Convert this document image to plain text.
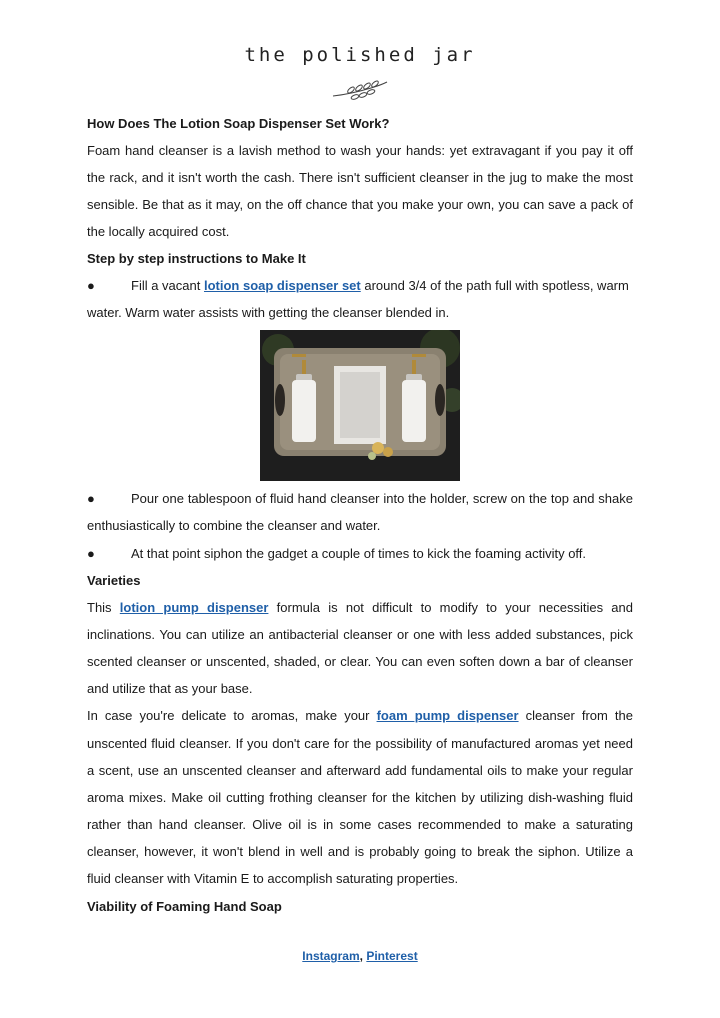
the polished jar
How Does The Lotion Soap Dispenser Set Work?
Foam hand cleanser is a lavish method to wash your hands: yet extravagant if you pay it off
the rack, and it isn't worth the cash. There isn't sufficient cleanser in the jug to make the most
sensible. Be that as it may, on the off chance that you make your own, you can save a pack of
the locally acquired cost.
Step by step instructions to Make It
●	Fill a vacant lotion soap dispenser set around 3/4 of the path full with spotless, warm
water. Warm water assists with getting the cleanser blended in.
●	Pour one tablespoon of fluid hand cleanser into the holder, screw on the top and shake
enthusiastically to combine the cleanser and water.
●	At that point siphon the gadget a couple of times to kick the foaming activity off.
Varieties
This lotion pump dispenser formula is not difficult to modify to your necessities and
inclinations. You can utilize an antibacterial cleanser or one with less added substances, pick
scented cleanser or unscented, shaded, or clear. You can even soften down a bar of cleanser
and utilize that as your base.
In case you're delicate to aromas, make your foam pump dispenser cleanser from the
unscented fluid cleanser. If you don't care for the possibility of manufactured aromas yet need
a scent, use an unscented cleanser and afterward add fundamental oils to make your regular
aroma mixes. Make oil cutting frothing cleanser for the kitchen by utilizing dish-washing fluid
rather than hand cleanser. Olive oil is in some cases recommended to make a saturating
cleanser, however, it won't blend in well and is probably going to break the siphon. Utilize a
fluid cleanser with Vitamin E to accomplish saturating properties.
Viability of Foaming Hand Soap
Instagram, Pinterest
